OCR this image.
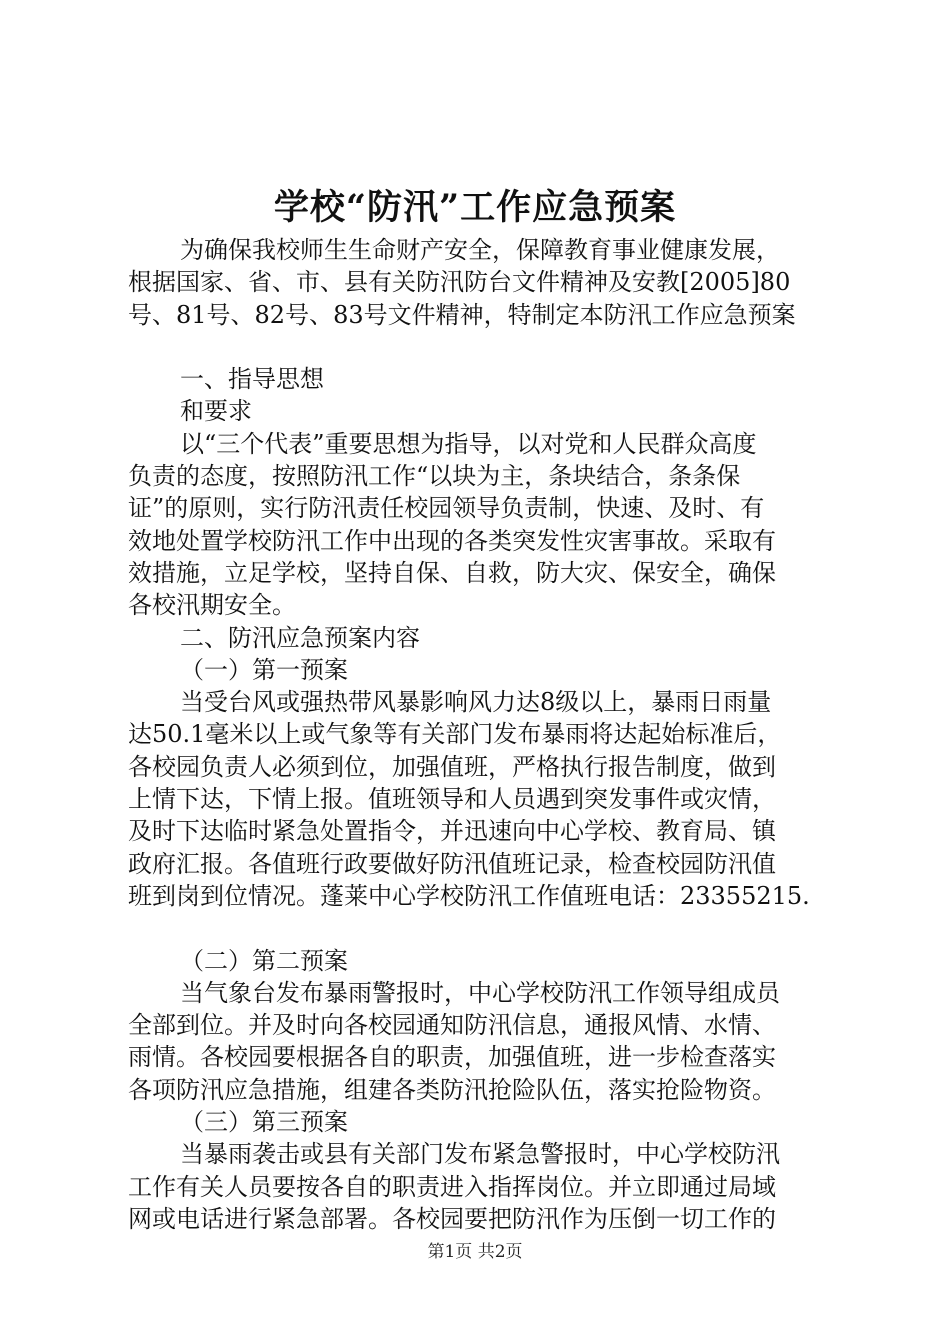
学校“防汛”工作应急预案
为确保我校师生生命财产安全，保障教育事业健康发展，
根据国家、省、市、县有关防汛防台文件精神及安教[2005]80
号、81号、82号、83号文件精神，特制定本防汛工作应急预案
一、指导思想
和要求
以“三个代表”重要思想为指导，以对党和人民群众高度
负责的态度，按照防汛工作“以块为主，条块结合，条条保
证”的原则，实行防汛责任校园领导负责制，快速、及时、有
效地处置学校防汛工作中出现的各类突发性灾害事故。采取有
效措施，立足学校，坚持自保、自救，防大灾、保安全，确保
各校汛期安全。
二、防汛应急预案内容
（一）第一预案
当受台风或强热带风暴影响风力达8级以上，暴雨日雨量
达50.1毫米以上或气象等有关部门发布暴雨将达起始标准后，
各校园负责人必须到位，加强值班，严格执行报告制度，做到
上情下达，下情上报。值班领导和人员遇到突发事件或灾情，
及时下达临时紧急处置指令，并迅速向中心学校、教育局、镇
政府汇报。各值班行政要做好防汛值班记录，检查校园防汛值
班到岗到位情况。蓬莱中心学校防汛工作值班电话：23355215.
（二）第二预案
当气象台发布暴雨警报时，中心学校防汛工作领导组成员
全部到位。并及时向各校园通知防汛信息，通报风情、水情、
雨情。各校园要根据各自的职责，加强值班，进一步检查落实
各项防汛应急措施，组建各类防汛抢险队伍，落实抢险物资。
（三）第三预案
当暴雨袭击或县有关部门发布紧急警报时，中心学校防汛
工作有关人员要按各自的职责进入指挥岗位。并立即通过局域
网或电话进行紧急部署。各校园要把防汛作为压倒一切工作的
第1页 共2页
